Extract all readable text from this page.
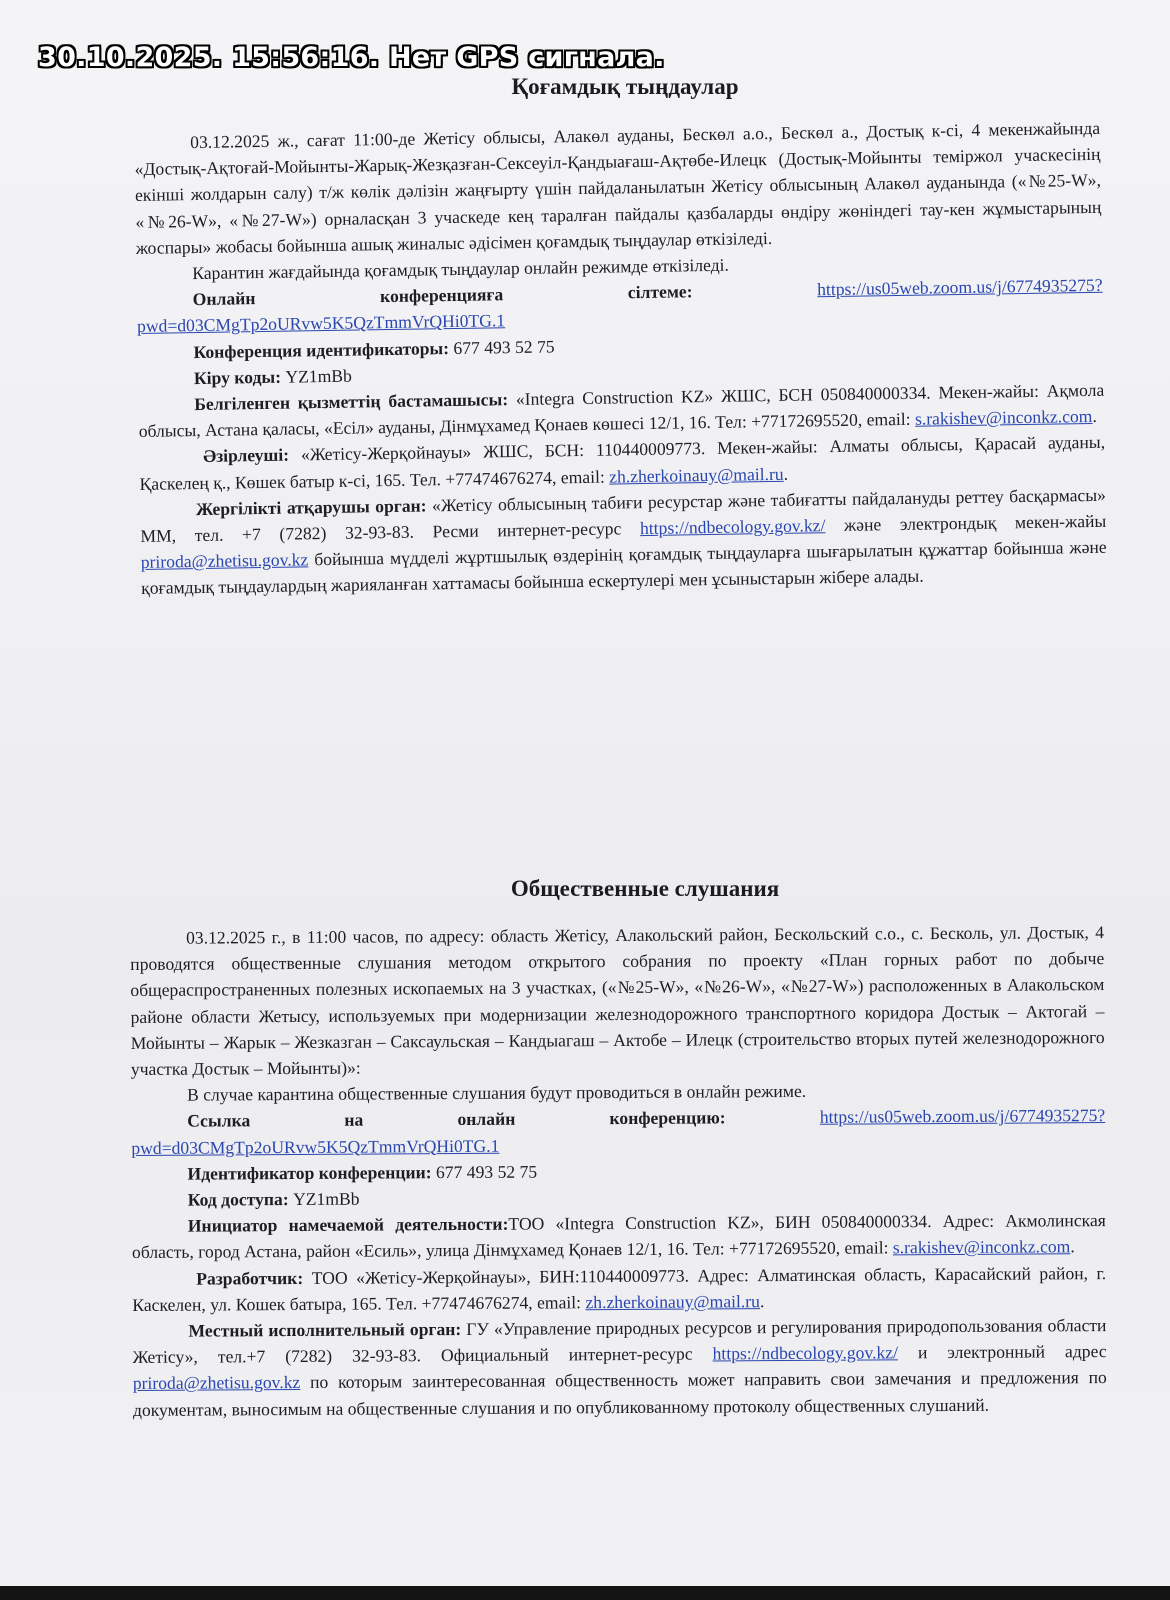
30.10.2025. 15:56:16. Нет GPS сигнала.
Қоғамдық тыңдаулар

03.12.2025 ж., сағат 11:00-де Жетісу облысы, Алакөл ауданы, Бескөл а.о., Бескөл а., Достық к-сі, 4 мекенжайында «Достық-Ақтоғай-Мойынты-Жарық-Жезқазған-Сексеуіл-Қандыағаш-Ақтөбе-Илецк (Достық-Мойынты теміржол учаскесінің екінші жолдарын салу) т/ж көлік дәлізін жаңғырту үшін пайдаланылатын Жетісу облысының Алакөл ауданында («№25-W», «№26-W», «№27-W») орналасқан 3 учаскеде кең таралған пайдалы қазбаларды өндіру жөніндегі тау-кен жұмыстарының жоспары» жобасы бойынша ашық жиналыс әдісімен қоғамдық тыңдаулар өткізіледі.

Карантин жағдайында қоғамдық тыңдаулар онлайн режимде өткізіледі.

Онлайн конференцияға сілтеме:	https://us05web.zoom.us/j/6774935275?pwd=d03CMgTp2oURvw5K5QzTmmVrQHi0TG.1

Конференция идентификаторы: 677 493 52 75

Кіру коды: YZ1mBb

Белгіленген қызметтің бастамашысы: «Integra Construction KZ» ЖШС, БСН 050840000334. Мекен-жайы: Ақмола облысы, Астана қаласы, «Есіл» ауданы, Дінмұхамед Қонаев көшесі 12/1, 16. Тел: +77172695520, email: s.rakishev@inconkz.com.

Әзірлеуші: «Жетісу-Жерқойнауы» ЖШС, БСН: 110440009773. Мекен-жайы: Алматы облысы, Қарасай ауданы, Қаскелең қ., Көшек батыр к-сі, 165. Тел. +77474676274, email: zh.zherkoinauy@mail.ru.

Жергілікті атқарушы орган: «Жетісу облысының табиғи ресурстар және табиғатты пайдалануды реттеу басқармасы» ММ, тел. +7 (7282) 32-93-83. Ресми интернет-ресурс https://ndbecology.gov.kz/ және электрондық мекен-жайы priroda@zhetisu.gov.kz бойынша мүдделі жұртшылық өздерінің қоғамдық тыңдауларға шығарылатын құжаттар бойынша және қоғамдық тыңдаулардың жарияланған хаттамасы бойынша ескертулері мен ұсыныстарын жібере алады.

Общественные слушания

03.12.2025 г., в 11:00 часов, по адресу: область Жетісу, Алакольский район, Бескольский с.о., с. Бесколь, ул. Достык, 4 проводятся общественные слушания методом открытого собрания по проекту «План горных работ по добыче общераспространенных полезных ископаемых на 3 участках, («№25-W», «№26-W», «№27-W») расположенных в Алакольском районе области Жетысу, используемых при модернизации железнодорожного транспортного коридора Достык – Актогай – Мойынты – Жарык – Жезказган – Саксаульская – Кандыагаш – Актобе – Илецк (строительство вторых путей железнодорожного участка Достык – Мойынты)»:

В случае карантина общественные слушания будут проводиться в онлайн режиме.

Ссылка на онлайн конференцию:	https://us05web.zoom.us/j/6774935275?pwd=d03CMgTp2oURvw5K5QzTmmVrQHi0TG.1

Идентификатор конференции: 677 493 52 75

Код доступа: YZ1mBb

Инициатор намечаемой деятельности:ТОО «Integra Construction KZ», БИН 050840000334. Адрес: Акмолинская область, город Астана, район «Есиль», улица Дінмұхамед Қонаев 12/1, 16. Тел: +77172695520, email: s.rakishev@inconkz.com.

Разработчик: ТОО «Жетісу-Жерқойнауы», БИН:110440009773. Адрес: Алматинская область, Карасайский район, г. Каскелен, ул. Кошек батыра, 165. Тел. +77474676274, email: zh.zherkoinauy@mail.ru.

Местный исполнительный орган: ГУ «Управление природных ресурсов и регулирования природопользования области Жетісу», тел.+7 (7282) 32-93-83. Официальный интернет-ресурс https://ndbecology.gov.kz/ и электронный адрес priroda@zhetisu.gov.kz по которым заинтересованная общественность может направить свои замечания и предложения по документам, выносимым на общественные слушания и по опубликованному протоколу общественных слушаний.
